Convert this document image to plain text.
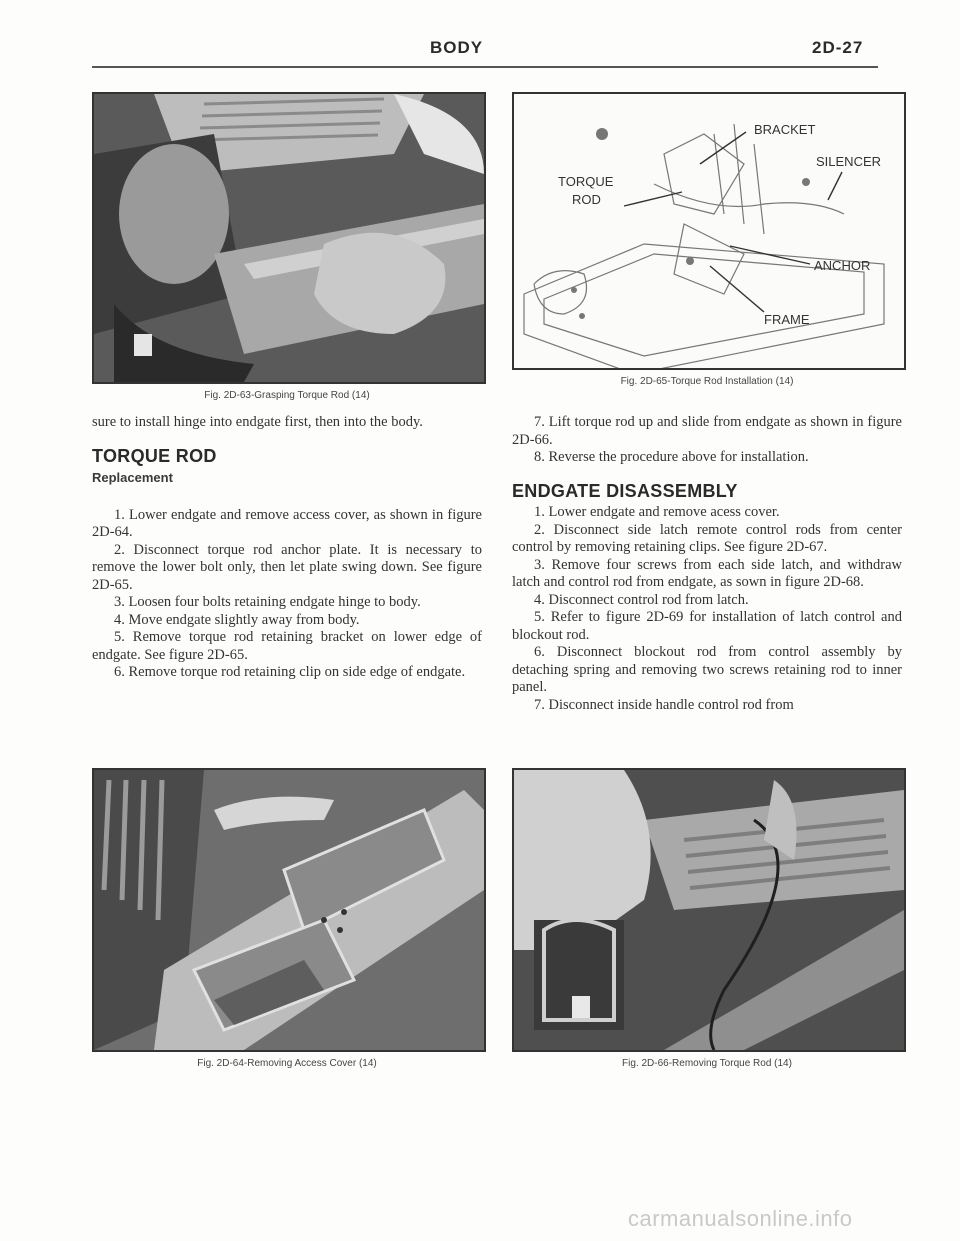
BODY	2D-27
Fig. 2D-63-Grasping Torque Rod (14)
BRACKET
SILENCER
TORQUE
ROD
ANCHOR
FRAME
Fig. 2D-65-Torque Rod Installation (14)

sure to install hinge into endgate first, then into the body.

TORQUE ROD
Replacement

1. Lower endgate and remove access cover, as shown in figure 2D-64.

2. Disconnect torque rod anchor plate. It is necessary to remove the lower bolt only, then let plate swing down. See figure 2D-65.

3. Loosen four bolts retaining endgate hinge to body.

4. Move endgate slightly away from body.

5. Remove torque rod retaining bracket on lower edge of endgate. See figure 2D-65.

6. Remove torque rod retaining clip on side edge of endgate.

7. Lift torque rod up and slide from endgate as shown in figure 2D-66.

8. Reverse the procedure above for installation.

ENDGATE DISASSEMBLY

1. Lower endgate and remove acess cover.

2. Disconnect side latch remote control rods from center control by removing retaining clips. See figure 2D-67.

3. Remove four screws from each side latch, and withdraw latch and control rod from endgate, as sown in figure 2D-68.

4. Disconnect control rod from latch.

5. Refer to figure 2D-69 for installation of latch control and blockout rod.

6. Disconnect blockout rod from control assembly by detaching spring and removing two screws retaining rod to inner panel.

7. Disconnect inside handle control rod from

Fig. 2D-64-Removing Access Cover (14)	Fig. 2D-66-Removing Torque Rod (14)
carmanualsonline.info
